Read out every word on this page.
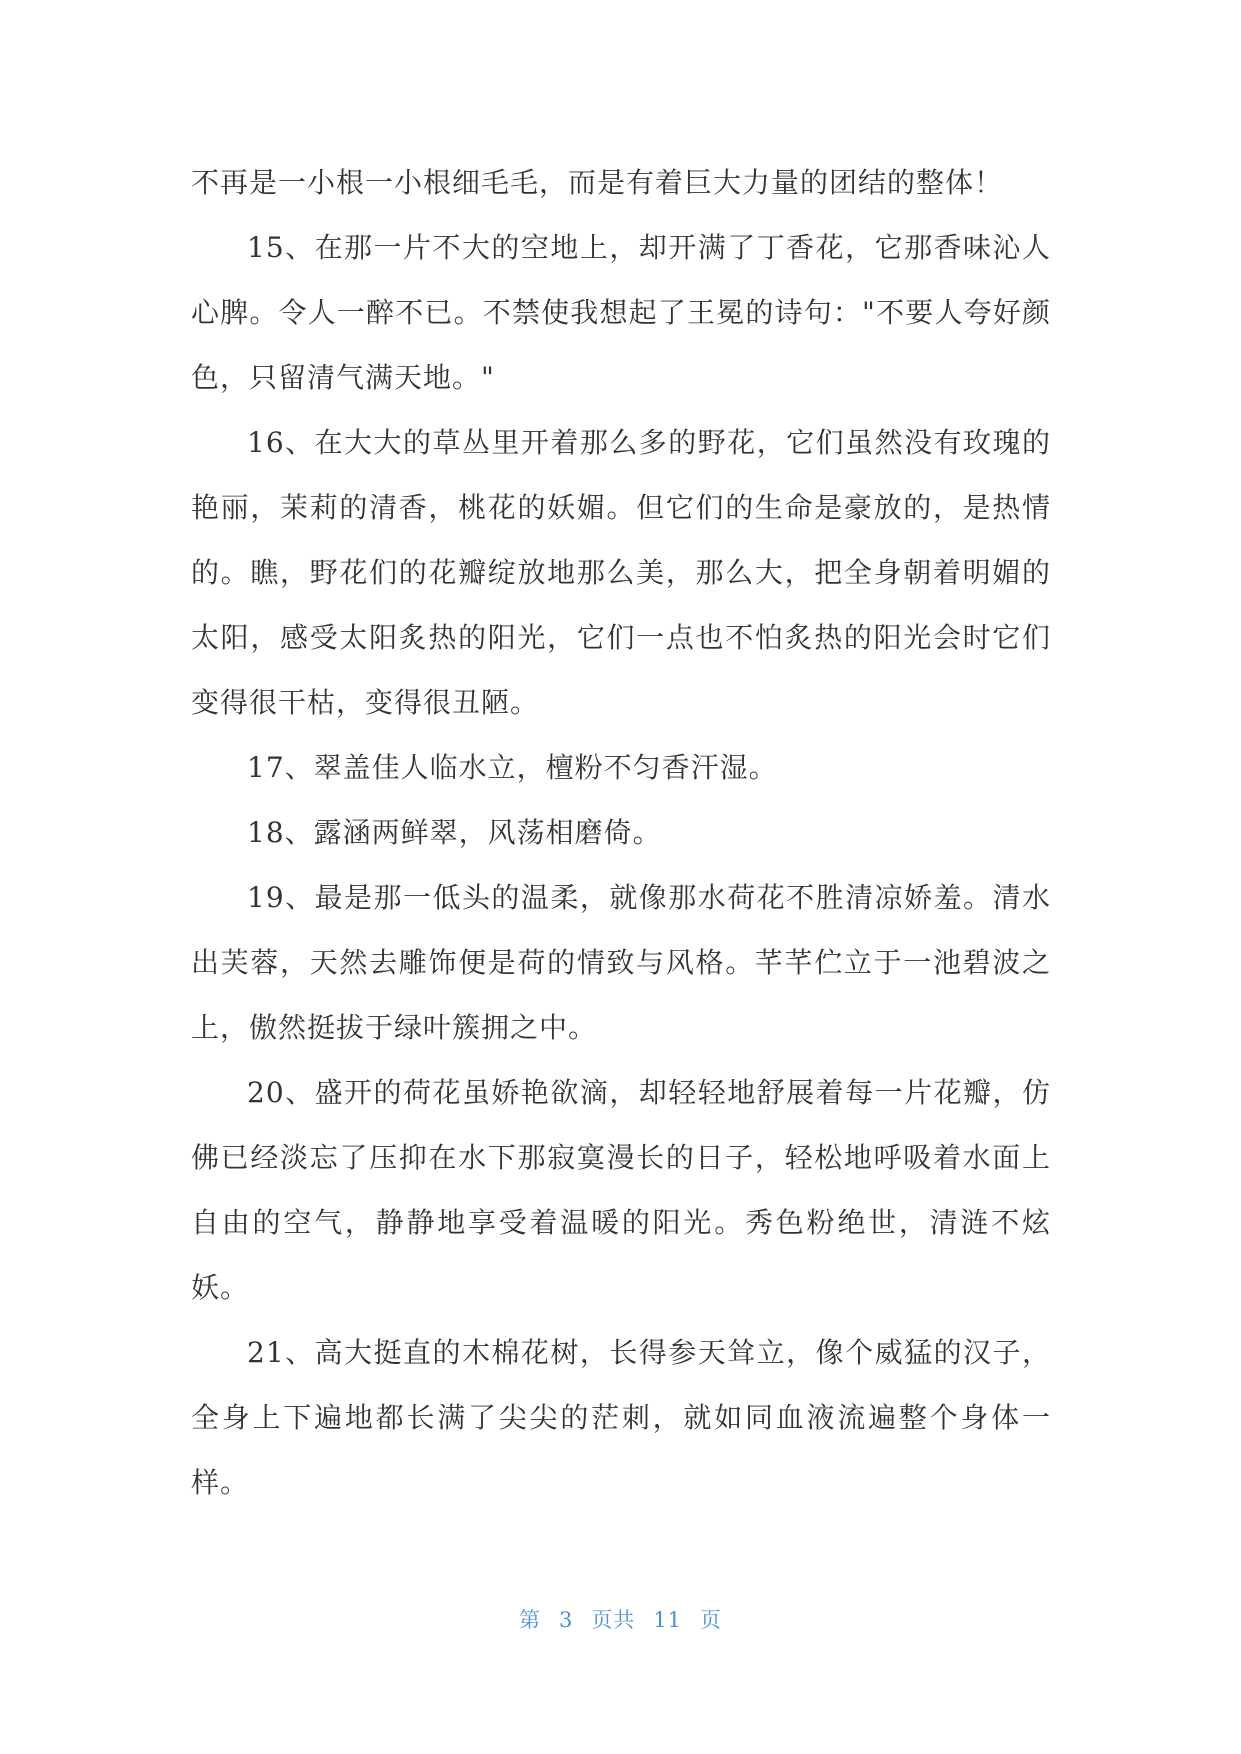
不再是一小根一小根细毛毛，而是有着巨大力量的团结的整体！

15、在那一片不大的空地上，却开满了丁香花，它那香味沁人心脾。令人一醉不已。不禁使我想起了王冕的诗句："不要人夸好颜色，只留清气满天地。"

16、在大大的草丛里开着那么多的野花，它们虽然没有玫瑰的艳丽，茉莉的清香，桃花的妖媚。但它们的生命是豪放的，是热情的。瞧，野花们的花瓣绽放地那么美，那么大，把全身朝着明媚的太阳，感受太阳炙热的阳光，它们一点也不怕炙热的阳光会时它们变得很干枯，变得很丑陋。

17、翠盖佳人临水立，檀粉不匀香汗湿。

18、露涵两鲜翠，风荡相磨倚。

19、最是那一低头的温柔，就像那水荷花不胜清凉娇羞。清水出芙蓉，天然去雕饰便是荷的情致与风格。芊芊伫立于一池碧波之上，傲然挺拔于绿叶簇拥之中。

20、盛开的荷花虽娇艳欲滴，却轻轻地舒展着每一片花瓣，仿佛已经淡忘了压抑在水下那寂寞漫长的日子，轻松地呼吸着水面上自由的空气，静静地享受着温暖的阳光。秀色粉绝世，清涟不炫妖。

21、高大挺直的木棉花树，长得参天耸立，像个威猛的汉子，全身上下遍地都长满了尖尖的茫刺，就如同血液流遍整个身体一样。

第 3 页共 11 页
